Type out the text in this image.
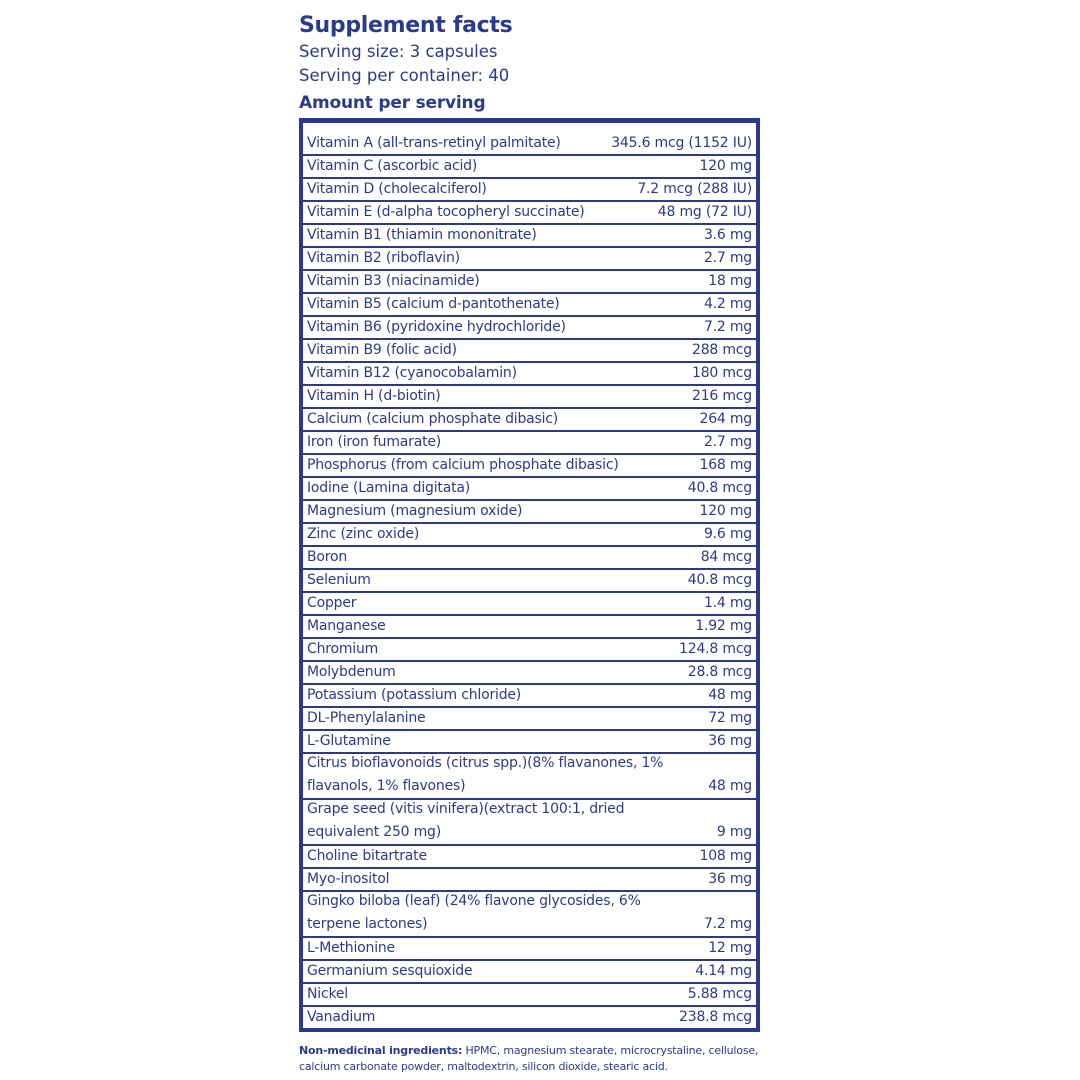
Supplement facts

Serving size: 3 capsules

Serving per container: 40

Amount per serving
Vitamin A (all-trans-retinyl palmitate)	345.6 mcg (1152 IU)
Vitamin C (ascorbic acid)	120 mg
Vitamin D (cholecalciferol)	7.2 mcg (288 IU)
Vitamin E (d-alpha tocopheryl succinate)	48 mg (72 IU)
Vitamin B1 (thiamin mononitrate)	3.6 mg
Vitamin B2 (riboflavin)	2.7 mg
Vitamin B3 (niacinamide)	18 mg
Vitamin B5 (calcium d-pantothenate)	4.2 mg
Vitamin B6 (pyridoxine hydrochloride)	7.2 mg
Vitamin B9 (folic acid)	288 mcg
Vitamin B12 (cyanocobalamin)	180 mcg
Vitamin H (d-biotin)	216 mcg
Calcium (calcium phosphate dibasic)	264 mg
Iron (iron fumarate)	2.7 mg
Phosphorus (from calcium phosphate dibasic)	168 mg
Iodine (Lamina digitata)	40.8 mcg
Magnesium (magnesium oxide)	120 mg
Zinc (zinc oxide)	9.6 mg
Boron	84 mcg
Selenium	40.8 mcg
Copper	1.4 mg
Manganese	1.92 mg
Chromium	124.8 mcg
Molybdenum	28.8 mcg
Potassium (potassium chloride)	48 mg
DL-Phenylalanine	72 mg
L-Glutamine	36 mg
Citrus bioflavonoids (citrus spp.)(8% flavanones, 1% flavanols, 1% flavones)	48 mg
Grape seed (vitis vinifera)(extract 100:1, dried equivalent 250 mg)	9 mg
Choline bitartrate	108 mg
Myo-inositol	36 mg
Gingko biloba (leaf) (24% flavone glycosides, 6% terpene lactones)	7.2 mg
L-Methionine	12 mg
Germanium sesquioxide	4.14 mg
Nickel	5.88 mcg
Vanadium	238.8 mcg
Non-medicinal ingredients: HPMC, magnesium stearate, microcrystaline, cellulose, calcium carbonate powder, maltodextrin, silicon dioxide, stearic acid.
